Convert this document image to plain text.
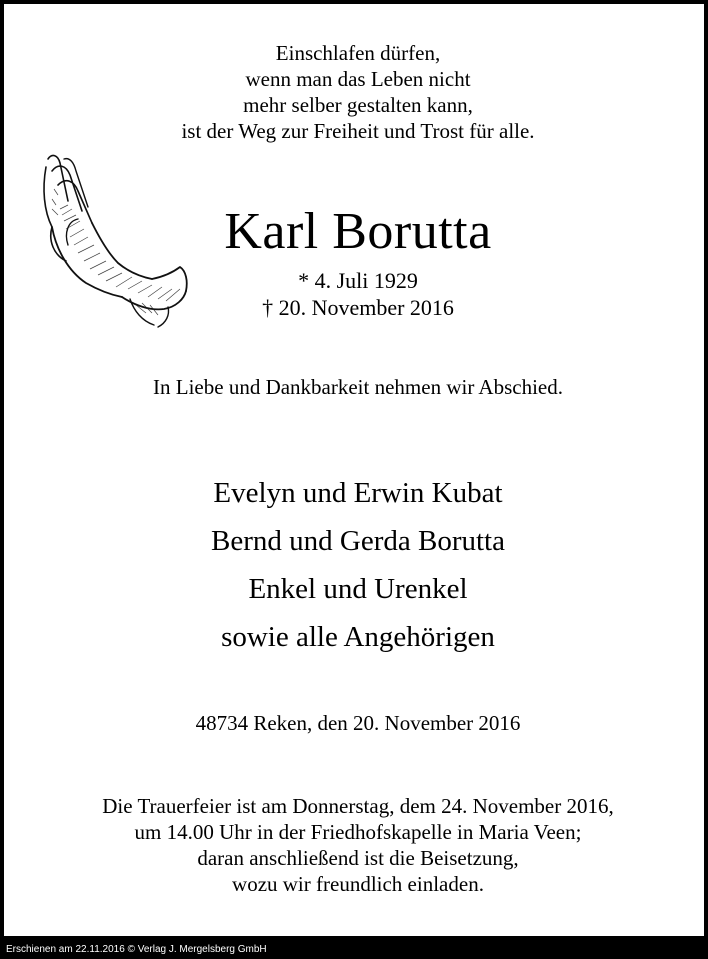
Einschlafen dürfen,
wenn man das Leben nicht
mehr selber gestalten kann,
ist der Weg zur Freiheit und Trost für alle.
Karl Borutta
* 4. Juli 1929
† 20. November 2016
In Liebe und Dankbarkeit nehmen wir Abschied.
Evelyn und Erwin Kubat
Bernd und Gerda Borutta
Enkel und Urenkel
sowie alle Angehörigen
48734 Reken, den 20. November 2016
Die Trauerfeier ist am Donnerstag, dem 24. November 2016,
um 14.00 Uhr in der Friedhofskapelle in Maria Veen;
daran anschließend ist die Beisetzung,
wozu wir freundlich einladen.
Erschienen am 22.11.2016 © Verlag J. Mergelsberg GmbH
